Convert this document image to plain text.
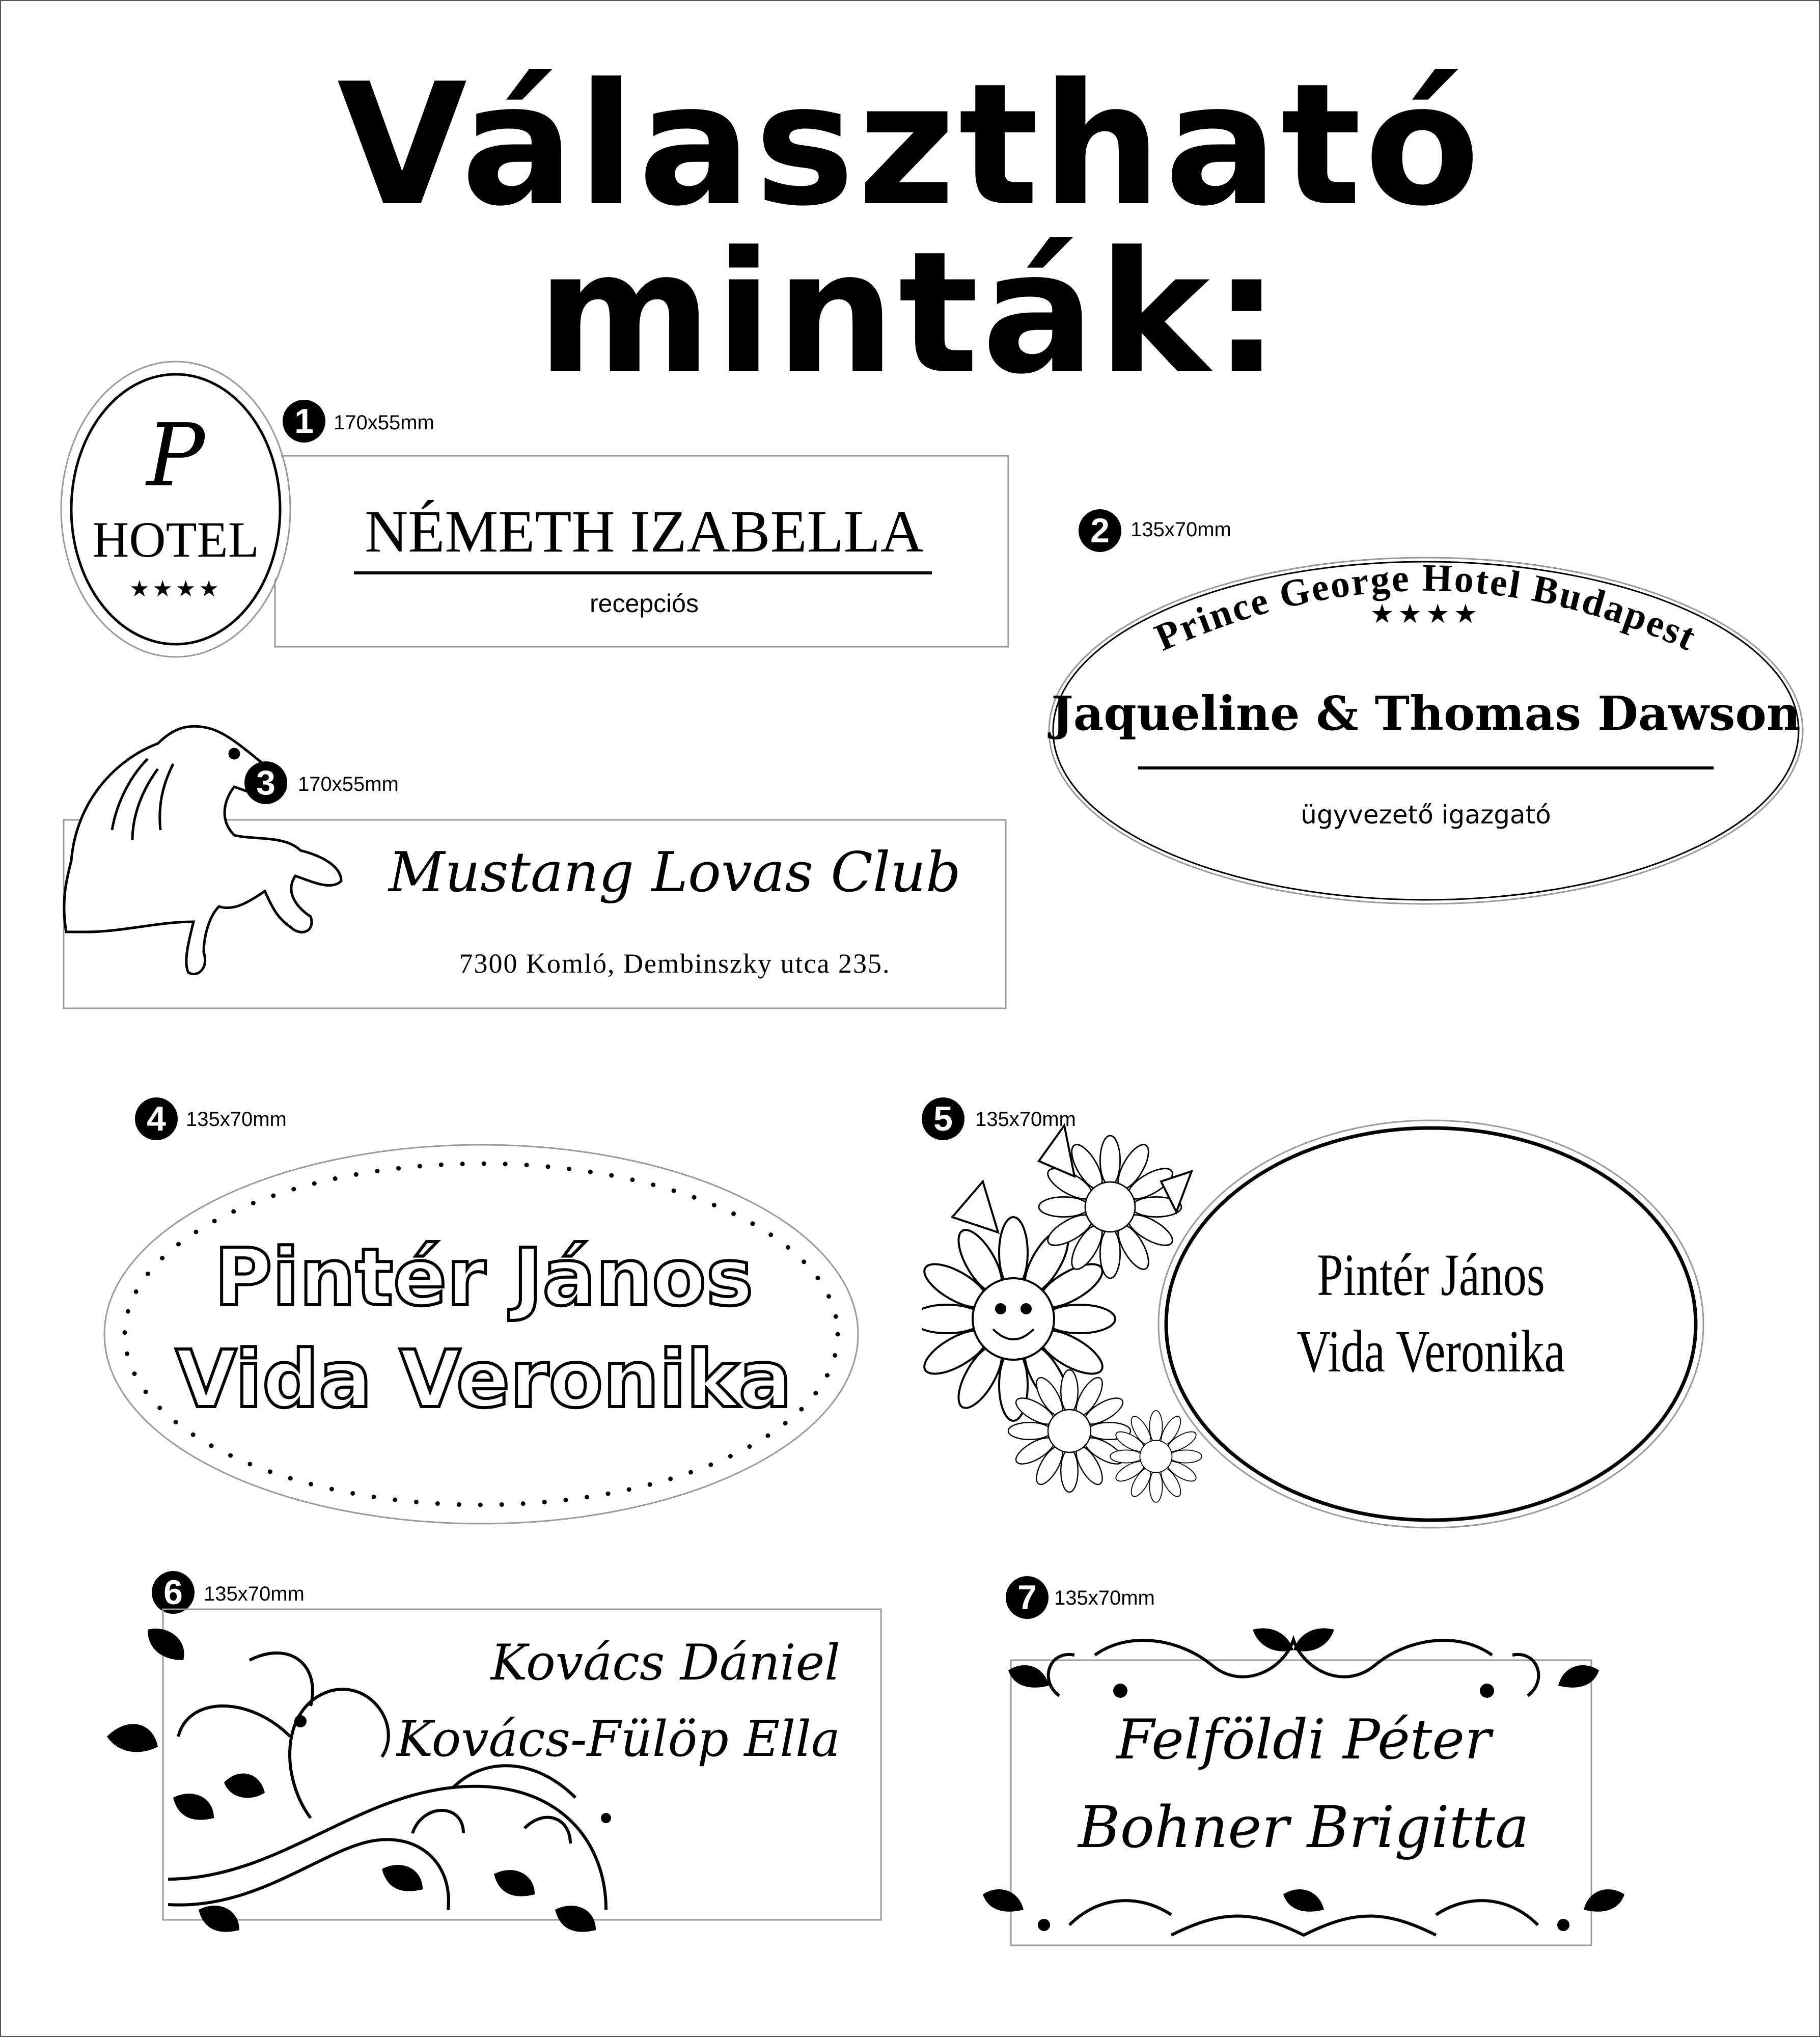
Választható minták:
1 170x55mm
P
HOTEL
★★★★
NÉMETH IZABELLA
recepciós
2	135x70mm
Prince George Hotel Budapest
★★★★
Jaqueline & Thomas Dawson
ügyvezető igazgató
3	170x55mm
Mustang Lovas Club
7300 Komló, Dembinszky utca 235.
4 135x70mm
Pintér János
Vida Veronika
5	135x70mm
Pintér János
Vida Veronika
6	135x70mm
Kovács Dániel
Kovács-Fülöp Ella
7 135x70mm
Felföldi Péter
Bohner Brigitta
